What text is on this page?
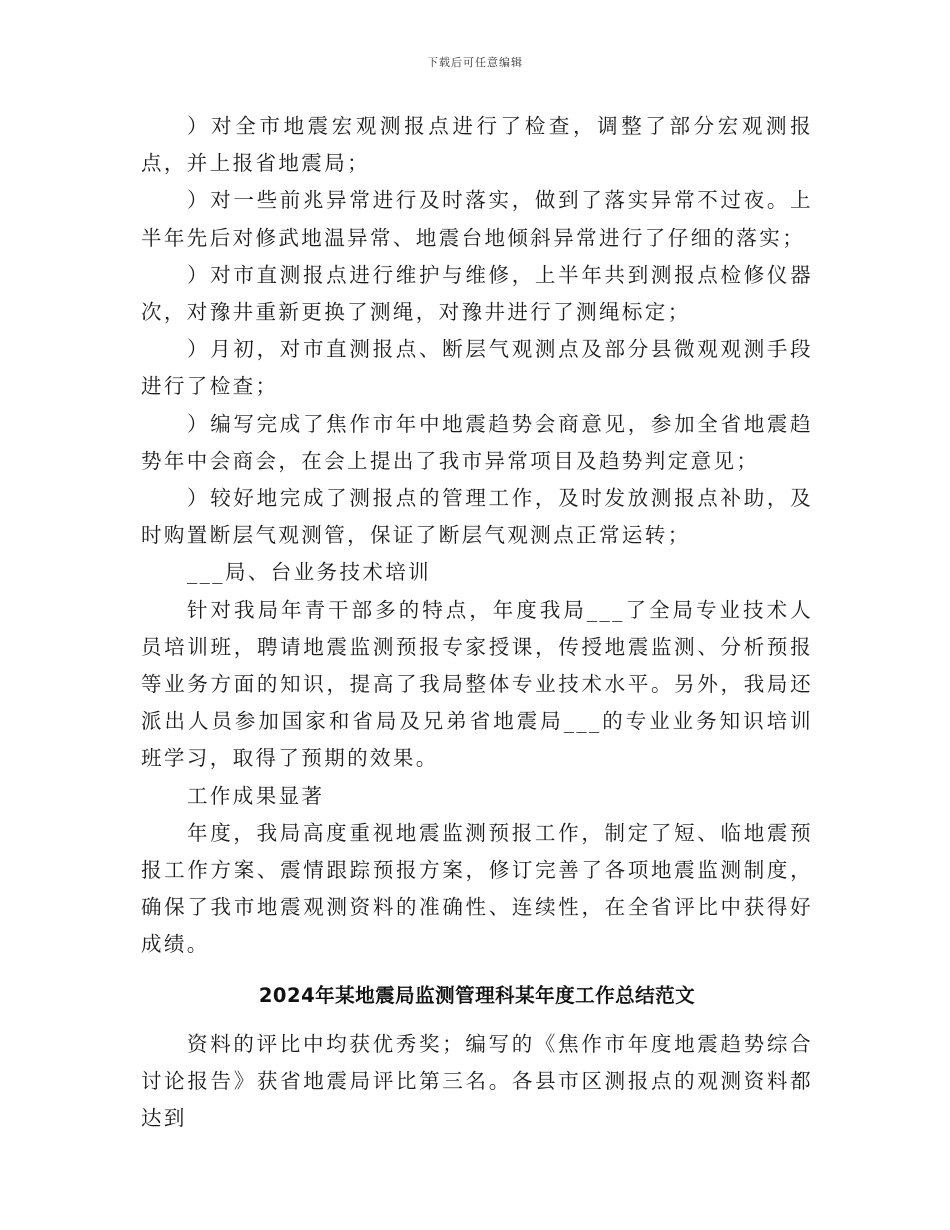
下载后可任意编辑

）对全市地震宏观测报点进行了检查，调整了部分宏观测报点，并上报省地震局；

）对一些前兆异常进行及时落实，做到了落实异常不过夜。上半年先后对修武地温异常、地震台地倾斜异常进行了仔细的落实；

）对市直测报点进行维护与维修，上半年共到测报点检修仪器次，对豫井重新更换了测绳，对豫井进行了测绳标定；

）月初，对市直测报点、断层气观测点及部分县微观观测手段进行了检查；

）编写完成了焦作市年中地震趋势会商意见，参加全省地震趋势年中会商会，在会上提出了我市异常项目及趋势判定意见；

）较好地完成了测报点的管理工作，及时发放测报点补助，及时购置断层气观测管，保证了断层气观测点正常运转；

___局、台业务技术培训

针对我局年青干部多的特点，年度我局___了全局专业技术人员培训班，聘请地震监测预报专家授课，传授地震监测、分析预报等业务方面的知识，提高了我局整体专业技术水平。另外，我局还派出人员参加国家和省局及兄弟省地震局___的专业业务知识培训班学习，取得了预期的效果。

工作成果显著

年度，我局高度重视地震监测预报工作，制定了短、临地震预报工作方案、震情跟踪预报方案，修订完善了各项地震监测制度，确保了我市地震观测资料的准确性、连续性，在全省评比中获得好成绩。

2024年某地震局监测管理科某年度工作总结范文

资料的评比中均获优秀奖；编写的《焦作市年度地震趋势综合讨论报告》获省地震局评比第三名。各县市区测报点的观测资料都达到
